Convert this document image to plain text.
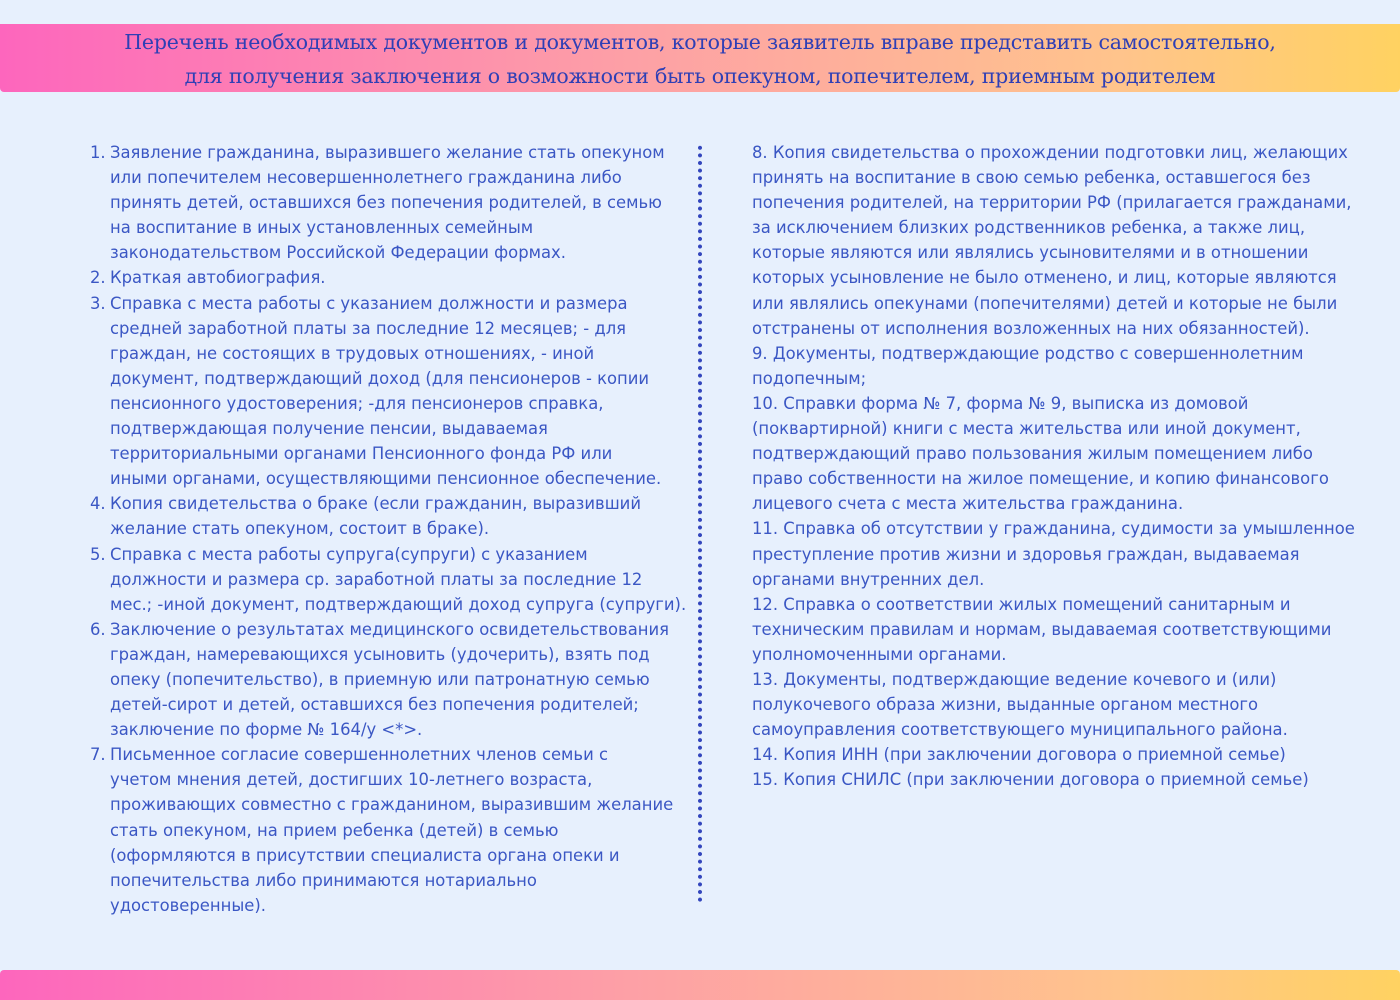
Перечень необходимых документов и документов, которые заявитель вправе представить самостоятельно,
для получения заключения о возможности быть опекуном, попечителем, приемным родителем
1. Заявление гражданина, выразившего желание стать опекуном
или попечителем несовершеннолетнего гражданина либо
принять детей, оставшихся без попечения родителей, в семью
на воспитание в иных установленных семейным
законодательством Российской Федерации формах.
2. Краткая автобиография.
3. Справка с места работы с указанием должности и размера
средней заработной платы за последние 12 месяцев; - для
граждан, не состоящих в трудовых отношениях, - иной
документ, подтверждающий доход (для пенсионеров - копии
пенсионного удостоверения; -для пенсионеров справка,
подтверждающая получение пенсии, выдаваемая
территориальными органами Пенсионного фонда РФ или
иными органами, осуществляющими пенсионное обеспечение.
4. Копия свидетельства о браке (если гражданин, выразивший
желание стать опекуном, состоит в браке).
5. Справка с места работы супруга(супруги) с указанием
должности и размера ср. заработной платы за последние 12
мес.; -иной документ, подтверждающий доход супруга (супруги).
6. Заключение о результатах медицинского освидетельствования
граждан, намеревающихся усыновить (удочерить), взять под
опеку (попечительство), в приемную или патронатную семью
детей-сирот и детей, оставшихся без попечения родителей;
заключение по форме № 164/у <*>.
7. Письменное согласие совершеннолетних членов семьи с
учетом мнения детей, достигших 10-летнего возраста,
проживающих совместно с гражданином, выразившим желание
стать опекуном, на прием ребенка (детей) в семью
(оформляются в присутствии специалиста органа опеки и
попечительства либо принимаются нотариально
удостоверенные).
8. Копия свидетельства о прохождении подготовки лиц, желающих
принять на воспитание в свою семью ребенка, оставшегося без
попечения родителей, на территории РФ (прилагается гражданами,
за исключением близких родственников ребенка, а также лиц,
которые являются или являлись усыновителями и в отношении
которых усыновление не было отменено, и лиц, которые являются
или являлись опекунами (попечителями) детей и которые не были
отстранены от исполнения возложенных на них обязанностей).
9. Документы, подтверждающие родство с совершеннолетним
подопечным;
10. Справки форма № 7, форма № 9, выписка из домовой
(поквартирной) книги с места жительства или иной документ,
подтверждающий право пользования жилым помещением либо
право собственности на жилое помещение, и копию финансового
лицевого счета с места жительства гражданина.
11. Справка об отсутствии у гражданина, судимости за умышленное
преступление против жизни и здоровья граждан, выдаваемая
органами внутренних дел.
12. Справка о соответствии жилых помещений санитарным и
техническим правилам и нормам, выдаваемая соответствующими
уполномоченными органами.
13. Документы, подтверждающие ведение кочевого и (или)
полукочевого образа жизни, выданные органом местного
самоуправления соответствующего муниципального района.
14. Копия ИНН (при заключении договора о приемной семье)
15. Копия СНИЛС (при заключении договора о приемной семье)
